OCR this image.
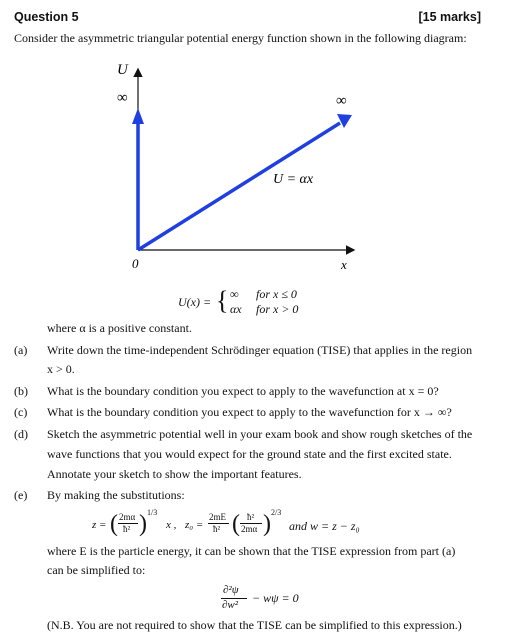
Question 5	[15 marks]
Consider the asymmetric triangular potential energy function shown in the following diagram:
U
x
0
∞	∞
U = αx
U(x) = { ∞ for x ≤ 0
αx for x > 0
where α is a positive constant.
(a) Write down the time-independent Schrödinger equation (TISE) that applies in the region
x > 0.
(b) What is the boundary condition you expect to apply to the wavefunction at x = 0?
(c) What is the boundary condition you expect to apply to the wavefunction for x → ∞?
(d) Sketch the asymmetric potential well in your exam book and show rough sketches of the
wave functions that you would expect for the ground state and the first excited state.
Annotate your sketch to show the important features.
(e) By making the substitutions:
z = ( 2mα
ħ² ) 1/3
x , z₀ =
2mE
ħ² ( ħ²
2mα ) 2/3
and w = z − z₀
where E is the particle energy, it can be shown that the TISE expression from part (a)
can be simplified to:
∂²ψ
∂w² − wψ = 0
(N.B. You are not required to show that the TISE can be simplified to this expression.)
